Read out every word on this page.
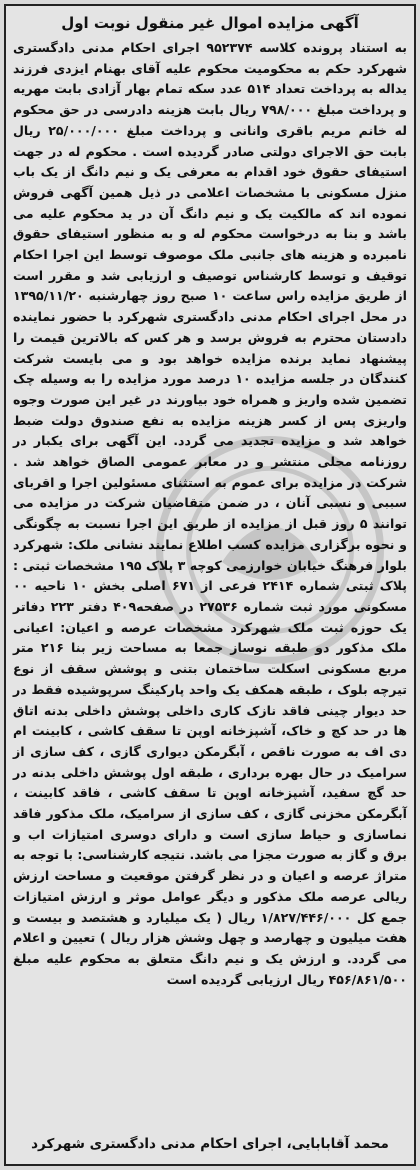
آگهی مزایده اموال غیر منقول نوبت اول

به استناد پرونده کلاسه ۹۵۲۳۷۴ اجرای احکام مدنی دادگستری شهرکرد حکم به محکومیت محکوم علیه آقای بهنام ایزدی فرزند یداله به پرداخت تعداد ۵۱۴ عدد سکه تمام بهار آزادی بابت مهریه و پرداخت مبلغ ۷۹۸/۰۰۰ ریال بابت هزینه دادرسی در حق محکوم له خانم مریم باقری وانانی و پرداخت مبلغ ۲۵/۰۰۰/۰۰۰ ریال بابت حق الاجرای دولتی صادر گردیده است . محکوم له در جهت استیفای حقوق خود اقدام به معرفی یک و نیم دانگ از یک باب منزل مسکونی با مشخصات اعلامی در ذیل همین آگهی فروش نموده اند که مالکیت یک و نیم دانگ آن در ید محکوم علیه می باشد و بنا به درخواست محکوم له و به منظور استیفای حقوق نامبرده و هزینه های جانبی ملک موصوف توسط این اجرا احکام توقیف و توسط کارشناس توصیف و ارزیابی شد و مقرر است از طریق مزایده راس ساعت ۱۰ صبح روز چهارشنبه ۱۳۹۵/۱۱/۲۰ در محل اجرای احکام مدنی دادگستری شهرکرد با حضور نماینده دادستان محترم به فروش برسد و هر کس که بالاترین قیمت را پیشنهاد نماید برنده مزایده خواهد بود و می بایست شرکت کنندگان در جلسه مزایده ۱۰ درصد مورد مزایده را به وسیله چک تضمین شده واریز و همراه خود بیاورند در غیر این صورت وجوه واریزی پس از کسر هزینه مزایده به نفع صندوق دولت ضبط خواهد شد و مزایده تجدید می گردد. این آگهی برای یکبار در روزنامه محلی منتشر و در معابر عمومی الصاق خواهد شد . شرکت در مزایده برای عموم به استثنای مسئولین اجرا و اقربای سببی و نسبی آنان ، در ضمن متقاضیان شرکت در مزایده می توانند ۵ روز قبل از مزایده از طریق این اجرا نسبت به چگونگی و نحوه برگزاری مزایده کسب اطلاع نمایند نشانی ملک: شهرکرد بلوار فرهنگ خیابان خوارزمی کوچه ۳ پلاک ۱۹۵ مشخصات ثبتی : پلاک ثبتی شماره ۲۴۱۴ فرعی از ۶۷۱ اصلی بخش ۱۰ ناحیه ۰۰ مسکونی مورد ثبت شماره ۲۷۵۳۶ در صفحه۴۰۹ دفتر ۲۲۳ دفاتر یک حوزه ثبت ملک شهرکرد مشخصات عرصه و اعیان: اعیانی ملک مذکور دو طبقه نوساز جمعا به مساحت زیر بنا ۲۱۶ متر مربع مسکونی اسکلت ساختمان بتنی و پوشش سقف از نوع تیرچه بلوک ، طبقه همکف یک واحد پارکینگ سرپوشیده فقط در حد دیوار چینی فاقد نازک کاری داخلی پوشش داخلی بدنه اتاق ها در حد کچ و خاک، آشپزخانه اوپن تا سقف کاشی ، کابینت ام دی اف به صورت ناقص ، آبگرمکن دیواری گازی ، کف سازی از سرامیک در حال بهره برداری ، طبقه اول پوشش داخلی بدنه در حد گچ سفید، آشپزخانه اوپن تا سقف کاشی ، فاقد کابینت ، آبگرمکن مخزنی گازی ، کف سازی از سرامیک، ملک مذکور فاقد نماسازی و حیاط سازی است و دارای دوسری امتیازات اب و برق و گاز به صورت مجزا می باشد. نتیجه کارشناسی: با توجه به متراژ عرصه و اعیان و در نظر گرفتن موقعیت و مساحت ارزش ریالی عرصه ملک مذکور و دیگر عوامل موثر و ارزش امتیازات جمع کل ۱/۸۲۷/۴۴۶/۰۰۰ ریال ( یک میلیارد و هشتصد و بیست و هفت میلیون و چهارصد و چهل وشش هزار ریال ) تعیین و اعلام می گردد. و ارزش یک و نیم دانگ متعلق به محکوم علیه مبلغ ۴۵۶/۸۶۱/۵۰۰ ریال ارزیابی گردیده است

محمد آقابابایی، اجرای احکام مدنی دادگستری شهرکرد
